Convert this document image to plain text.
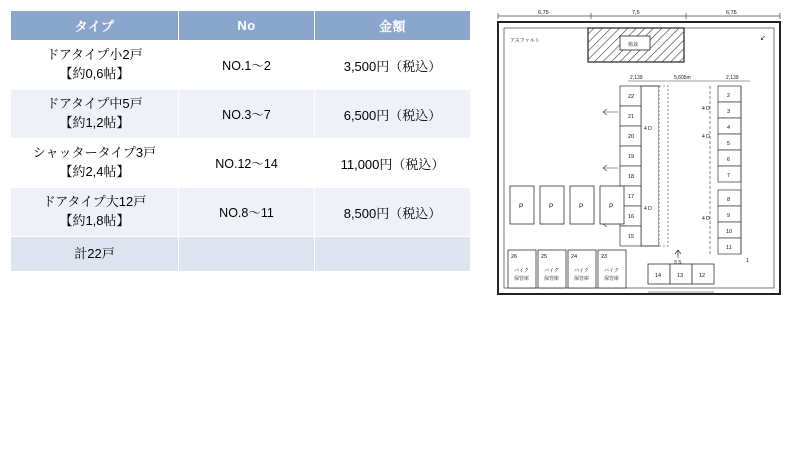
タイプ	No	金額
ドアタイプ小2戸
【約0,6帖】	NO.1～2	3,500円（税込）
ドアタイプ中5戸
【約1,2帖】	NO.3～7	6,500円（税込）
シャッタータイプ3戸
【約2,4帖】	NO.12～14	11,000円（税込）
ドアタイプ大12戸
【約1,8帖】	NO.8～11	8,500円（税込）
計22戸		
6,75	7,5	6,75
アスファルト
植栽
↙
2,139	5,605m	2,139
22
21
20
19
18
17
16
15
4 D
4 D
2
3
4
5
6
7
8
9
10
11
4 D
4 D
4 D
P	P	P	P
26	25	24	23
バイク
保管庫
バイク
保管庫
バイク
保管庫
バイク
保管庫	14	13	12
3 S	1
